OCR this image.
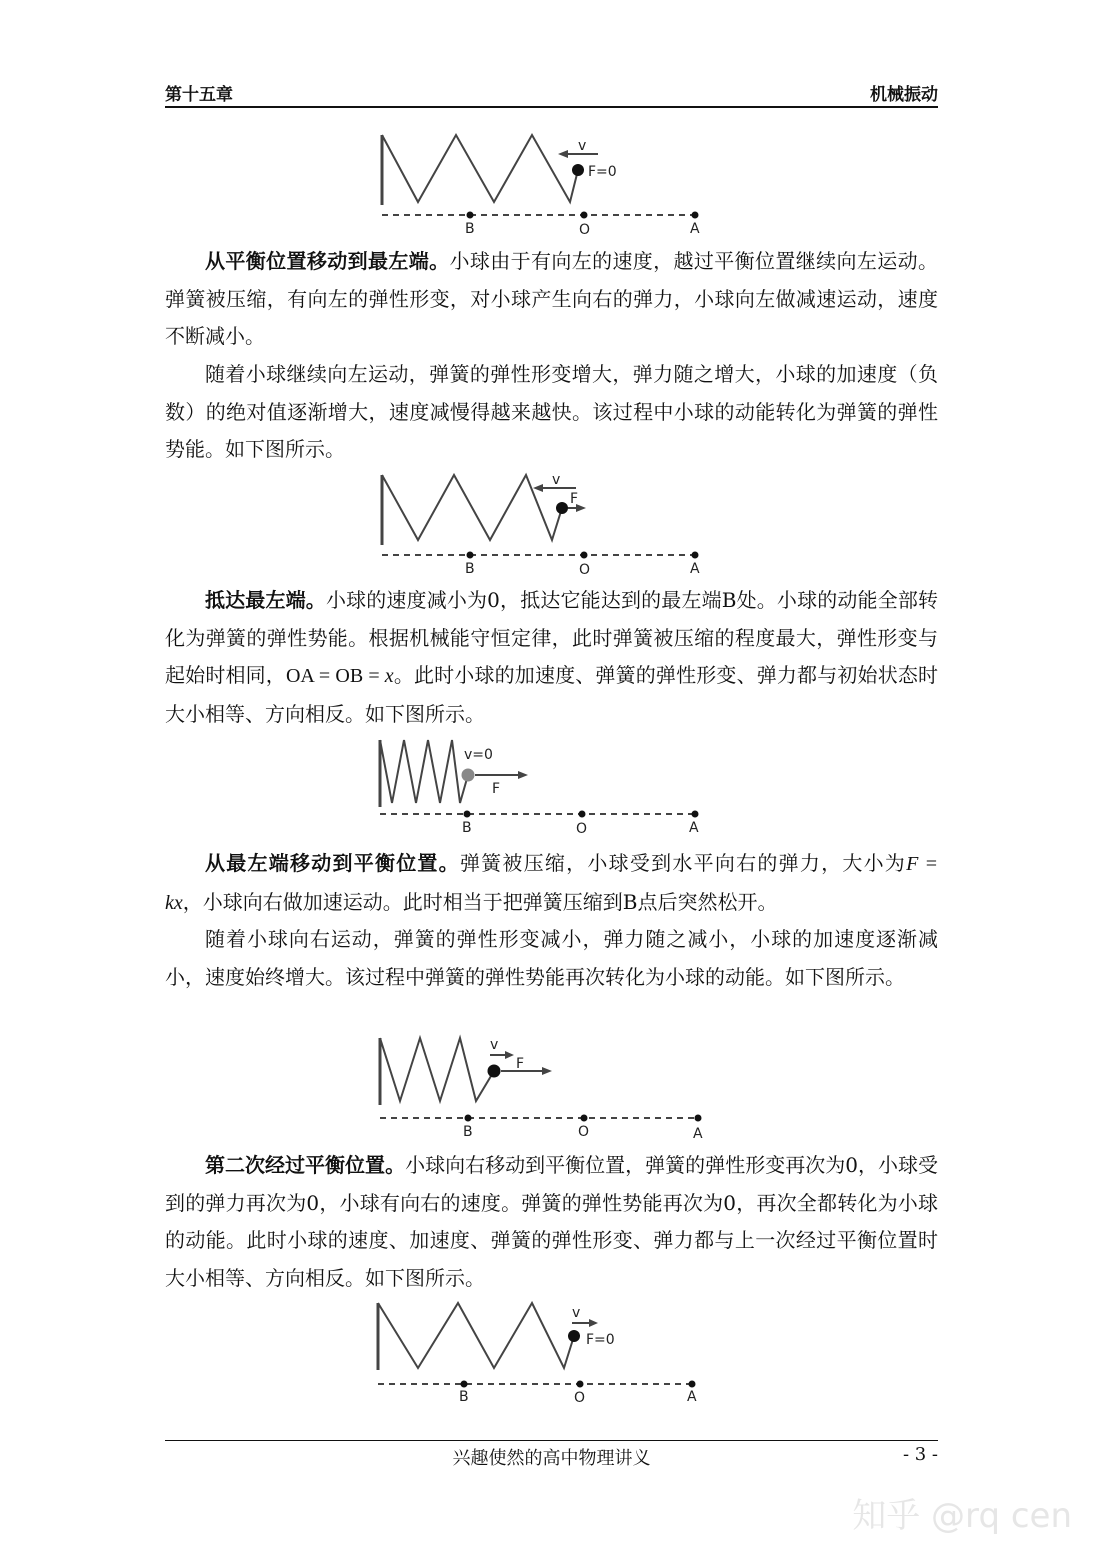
第十五章	机械振动
v
F=0
B	O	A
从平衡位置移动到最左端。小球由于有向左的速度，越过平衡位置继续向左运动。弹簧被压缩，有向左的弹性形变，对小球产生向右的弹力，小球向左做减速运动，速度不断减小。
随着小球继续向左运动，弹簧的弹性形变增大，弹力随之增大，小球的加速度（负数）的绝对值逐渐增大，速度减慢得越来越快。该过程中小球的动能转化为弹簧的弹性势能。如下图所示。
v
F
B	O	A
抵达最左端。小球的速度减小为0，抵达它能达到的最左端B处。小球的动能全部转化为弹簧的弹性势能。根据机械能守恒定律，此时弹簧被压缩的程度最大，弹性形变与起始时相同，OA = OB = x。此时小球的加速度、弹簧的弹性形变、弹力都与初始状态时大小相等、方向相反。如下图所示。
v=0
F
B	O	A
从最左端移动到平衡位置。弹簧被压缩，小球受到水平向右的弹力，大小为F = kx，小球向右做加速运动。此时相当于把弹簧压缩到B点后突然松开。
随着小球向右运动，弹簧的弹性形变减小，弹力随之减小，小球的加速度逐渐减小，速度始终增大。该过程中弹簧的弹性势能再次转化为小球的动能。如下图所示。
v
F
B	O	A
第二次经过平衡位置。小球向右移动到平衡位置，弹簧的弹性形变再次为0，小球受到的弹力再次为0，小球有向右的速度。弹簧的弹性势能再次为0，再次全都转化为小球的动能。此时小球的速度、加速度、弹簧的弹性形变、弹力都与上一次经过平衡位置时大小相等、方向相反。如下图所示。
v
F=0
B	O	A
兴趣使然的高中物理讲义	- 3 -
知乎 @rq cen
